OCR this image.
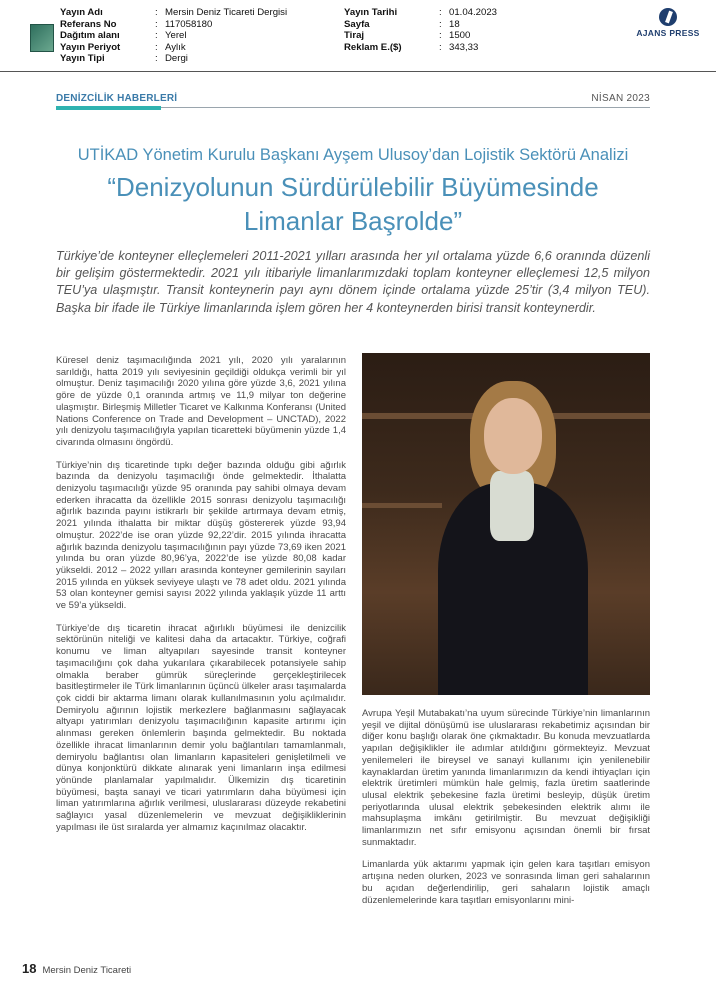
Yayın Adı	: Mersin Deniz Ticareti Dergisi
Referans No	: 117058180
Dağıtım alanı	: Yerel
Yayın Periyot	: Aylık
Yayın Tipi	: Dergi
Yayın Tarihi	: 01.04.2023
Sayfa	: 18
Tiraj	: 1500
Reklam E.($)	: 343,33
AJANS PRESS
DENİZCİLİK HABERLERİ	NİSAN 2023
UTİKAD Yönetim Kurulu Başkanı Ayşem Ulusoy’dan Lojistik Sektörü Analizi
“Denizyolunun Sürdürülebilir Büyümesinde
Limanlar Başrolde”
Türkiye’de konteyner elleçlemeleri 2011-2021 yılları arasında her yıl ortalama yüzde 6,6 oranında düzenli bir gelişim göstermektedir. 2021 yılı itibariyle limanlarımızdaki toplam konteyner elleçlemesi 12,5 milyon TEU’ya ulaşmıştır. Transit konteynerin payı aynı dönem içinde ortalama yüzde 25’tir (3,4 milyon TEU). Başka bir ifade ile Türkiye limanlarında işlem gören her 4 konteynerden birisi transit konteynerdir.

Küresel deniz taşımacılığında 2021 yılı, 2020 yılı yaralarının sarıldığı, hatta 2019 yılı seviyesinin geçildiği oldukça verimli bir yıl olmuştur. Deniz taşımacılığı 2020 yılına göre yüzde 3,6, 2021 yılına göre de yüzde 0,1 oranında artmış ve 11,9 milyar ton değerine ulaşmıştır. Birleşmiş Milletler Ticaret ve Kalkınma Konferansı (United Nations Conference on Trade and Development – UNCTAD), 2022 yılı denizyolu taşımacılığıyla yapılan ticaretteki büyümenin yüzde 1,4 civarında olmasını öngördü.

Türkiye’nin dış ticaretinde tıpkı değer bazında olduğu gibi ağırlık bazında da denizyolu taşımacılığı önde gelmektedir. İthalatta denizyolu taşımacılığı yüzde 95 oranında pay sahibi olmaya devam ederken ihracatta da özellikle 2015 sonrası denizyolu taşımacılığı ağırlık bazında payını istikrarlı bir şekilde artırmaya devam etmiş, 2021 yılında ithalatta bir miktar düşüş göstererek yüzde 93,94 olmuştur. 2022’de ise oran yüzde 92,22’dir. 2015 yılında ihracatta ağırlık bazında denizyolu taşımacılığının payı yüzde 73,69 iken 2021 yılında bu oran yüzde 80,96’ya, 2022’de ise yüzde 80,08 kadar yükseldi. 2012 – 2022 yılları arasında konteyner gemilerinin sayıları 2015 yılında en yüksek seviyeye ulaştı ve 78 adet oldu. 2021 yılında 53 olan konteyner gemisi sayısı 2022 yılında yaklaşık yüzde 11 arttı ve 59’a yükseldi.

Türkiye’de dış ticaretin ihracat ağırlıklı büyümesi ile denizcilik sektörünün niteliği ve kalitesi daha da artacaktır. Türkiye, coğrafi konumu ve liman altyapıları sayesinde transit konteyner taşımacılığını çok daha yukarılara çıkarabilecek potansiyele sahip olmakla beraber gümrük süreçlerinde gerçekleştirilecek basitleştirmeler ile Türk limanlarının üçüncü ülkeler arası taşımalarda çok ciddi bir aktarma limanı olarak kullanılmasının yolu açılmalıdır. Demiryolu ağırının lojistik merkezlere bağlanmasını sağlayacak altyapı yatırımları denizyolu taşımacılığının kapasite artırımı için alınması gereken önlemlerin başında gelmektedir. Bu noktada özellikle ihracat limanlarının demir yolu bağlantıları tamamlanmalı, demiryolu bağlantısı olan limanların kapasiteleri genişletilmeli ve dünya konjonktürü dikkate alınarak yeni limanların inşa edilmesi yönünde planlamalar yapılmalıdır. Ülkemizin dış ticaretinin büyümesi, başta sanayi ve ticari yatırımların daha büyümesi için liman yatırımlarına ağırlık verilmesi, uluslararası düzeyde rekabetini sağlayıcı yasal düzenlemelerin ve mevzuat değişikliklerinin yapılması ile üst sıralarda yer almamız kaçınılmaz olacaktır.

Avrupa Yeşil Mutabakatı’na uyum sürecinde Türkiye’nin limanlarının yeşil ve dijital dönüşümü ise uluslararası rekabetimiz açısından bir diğer konu başlığı olarak öne çıkmaktadır. Bu konuda mevzuatlarda yapılan değişiklikler ile adımlar atıldığını görmekteyiz. Mevzuat yenilemeleri ile bireysel ve sanayi kullanımı için yenilenebilir kaynaklardan üretim yanında limanlarımızın da kendi ihtiyaçları için elektrik üretimleri mümkün hale gelmiş, fazla üretim saatlerinde ulusal elektrik şebekesine fazla üretimi besleyip, düşük üretim periyotlarında ulusal elektrik şebekesinden elektrik alımı ile mahsuplaşma imkânı getirilmiştir. Bu mevzuat değişikliği limanlarımızın net sıfır emisyonu açısından önemli bir fırsat sunmaktadır.

Limanlarda yük aktarımı yapmak için gelen kara taşıtları emisyon artışına neden olurken, 2023 ve sonrasında liman geri sahalarının bu açıdan değerlendirilip, geri sahaların lojistik amaçlı düzenlemelerinde kara taşıtları emisyonlarını mini-

18 Mersin Deniz Ticareti
